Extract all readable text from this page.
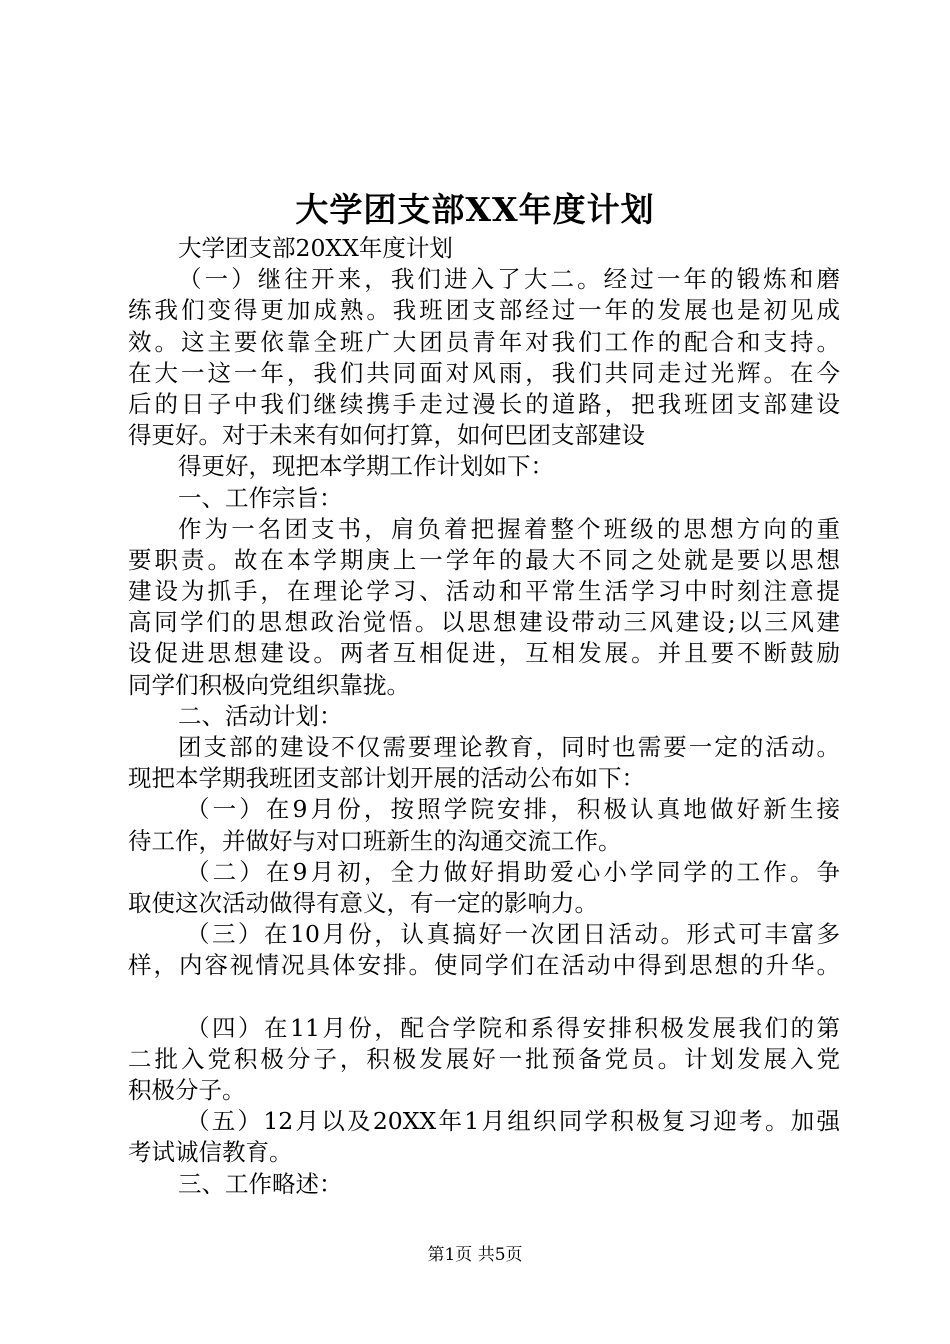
大学团支部XX年度计划
大学团支部20XX年度计划
（一）继往开来，我们进入了大二。经过一年的锻炼和磨
练我们变得更加成熟。我班团支部经过一年的发展也是初见成
效。这主要依靠全班广大团员青年对我们工作的配合和支持。
在大一这一年，我们共同面对风雨，我们共同走过光辉。在今
后的日子中我们继续携手走过漫长的道路，把我班团支部建设
得更好。对于未来有如何打算，如何巴团支部建设
得更好，现把本学期工作计划如下：
一、工作宗旨：
作为一名团支书，肩负着把握着整个班级的思想方向的重
要职责。故在本学期庚上一学年的最大不同之处就是要以思想
建设为抓手，在理论学习、活动和平常生活学习中时刻注意提
高同学们的思想政治觉悟。以思想建设带动三风建设;以三风建
设促进思想建设。两者互相促进，互相发展。并且要不断鼓励
同学们积极向党组织靠拢。
二、活动计划：
团支部的建设不仅需要理论教育，同时也需要一定的活动。
现把本学期我班团支部计划开展的活动公布如下：
（一）在9月份，按照学院安排，积极认真地做好新生接
待工作，并做好与对口班新生的沟通交流工作。
（二）在9月初，全力做好捐助爱心小学同学的工作。争
取使这次活动做得有意义，有一定的影响力。
（三）在10月份，认真搞好一次团日活动。形式可丰富多
样，内容视情况具体安排。使同学们在活动中得到思想的升华。
（四）在11月份，配合学院和系得安排积极发展我们的第
二批入党积极分子，积极发展好一批预备党员。计划发展入党
积极分子。
（五）12月以及20XX年1月组织同学积极复习迎考。加强
考试诚信教育。
三、工作略述：
第1页 共5页
